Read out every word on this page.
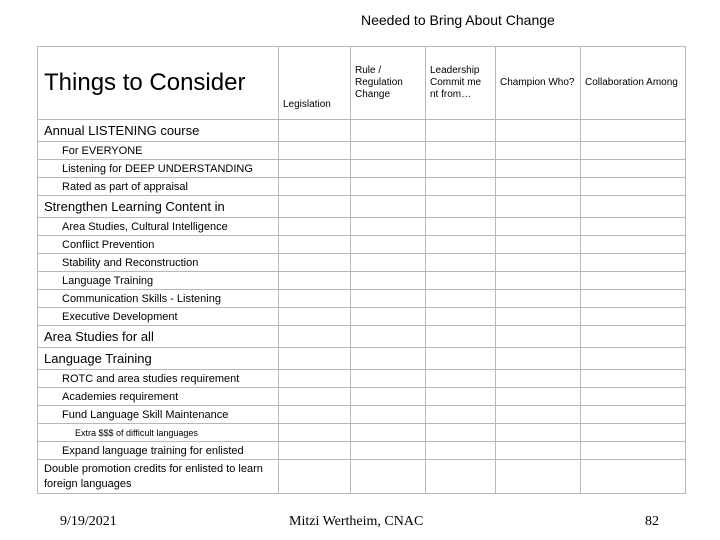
Needed to Bring About Change
Things to Consider	Legislation	Rule / Regulation Change	Leadership Commit me nt from…	Champion Who?	Collaboration Among
Annual LISTENING course					
For EVERYONE					
Listening for DEEP UNDERSTANDING					
Rated as part of appraisal					
Strengthen Learning Content in					
Area Studies, Cultural Intelligence					
Conflict Prevention					
Stability and Reconstruction					
Language Training					
Communication Skills - Listening					
Executive Development					
Area Studies for all					
Language Training					
ROTC and area studies requirement					
Academies requirement					
Fund Language Skill Maintenance					
Extra $$$ of difficult languages					
Expand language training for enlisted					
Double promotion credits for enlisted to learn foreign languages					
9/19/2021	Mitzi Wertheim, CNAC	82
